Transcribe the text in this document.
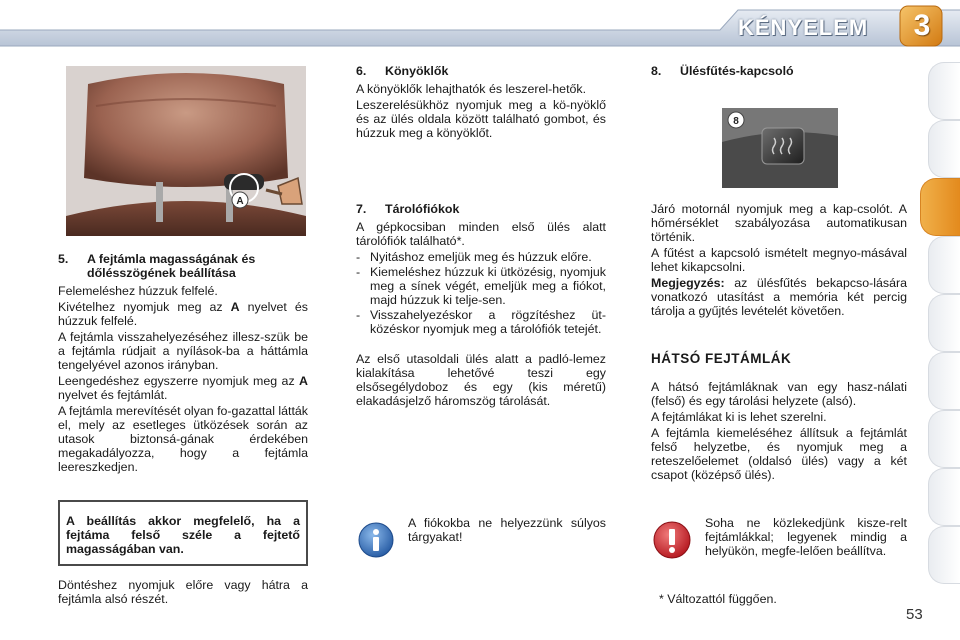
KÉNYELEM	3
A
5.	A fejtámla magasságának és dőlésszögének beállítása

Felemeléshez húzzuk felfelé.

Kivételhez nyomjuk meg az A nyelvet és húzzuk felfelé.

A fejtámla visszahelyezéséhez illesz-szük be a fejtámla rúdjait a nyílások-ba a háttámla tengelyével azonos irányban.

Leengedéshez egyszerre nyomjuk meg az A nyelvet és fejtámlát.

A fejtámla merevítését olyan fo-gazattal látták el, mely az esetleges ütközések során az utasok biztonsá-gának érdekében megakadályozza, hogy a fejtámla leereszkedjen.

A beállítás akkor megfelelő, ha a fejtáma felső széle a fejtető magasságában van.

Döntéshez nyomjuk előre vagy hátra a fejtámla alsó részét.

6.	Könyöklők

A könyöklők lehajthatók és leszerel-hetők.

Leszerelésükhöz nyomjuk meg a kö-nyöklő és az ülés oldala között található gombot, és húzzuk meg a könyöklőt.

7.	Tárolófiókok

A gépkocsiban minden első ülés alatt tárolófiók található*.

- Nyitáshoz emeljük meg és húzzuk előre.
- Kiemeléshez húzzuk ki ütközésig, nyomjuk meg a sínek végét, emeljük meg a fiókot, majd húzzuk ki telje-sen.
- Visszahelyezéskor a rögzítéshez üt-közéskor nyomjuk meg a tárolófiók tetejét.

Az első utasoldali ülés alatt a padló-lemez kialakítása lehetővé teszi egy elsősegélydoboz és egy (kis méretű) elakadásjelző háromszög tárolását.

A fiókokba ne helyezzünk súlyos tárgyakat!

8.	Ülésfűtés-kapcsoló
8

Járó motornál nyomjuk meg a kap-csolót. A hőmérséklet szabályozása automatikusan történik.

A fűtést a kapcsoló ismételt megnyo-másával lehet kikapcsolni.

Megjegyzés: az ülésfűtés bekapcso-lására vonatkozó utasítást a memória két percig tárolja a gyűjtés levételét követően.

HÁTSÓ FEJTÁMLÁK

A hátsó fejtámláknak van egy hasz-nálati (felső) és egy tárolási helyzete (alsó).

A fejtámlákat ki is lehet szerelni.

A fejtámla kiemeléséhez állítsuk a fejtámlát felső helyzetbe, és nyomjuk meg a reteszelőelemet (oldalsó ülés) vagy a két csapot (középső ülés).

Soha ne közlekedjünk kisze-relt fejtámlákkal; legyenek mindig a helyükön, megfe-lelően beállítva.

* Változattól függően.

53
